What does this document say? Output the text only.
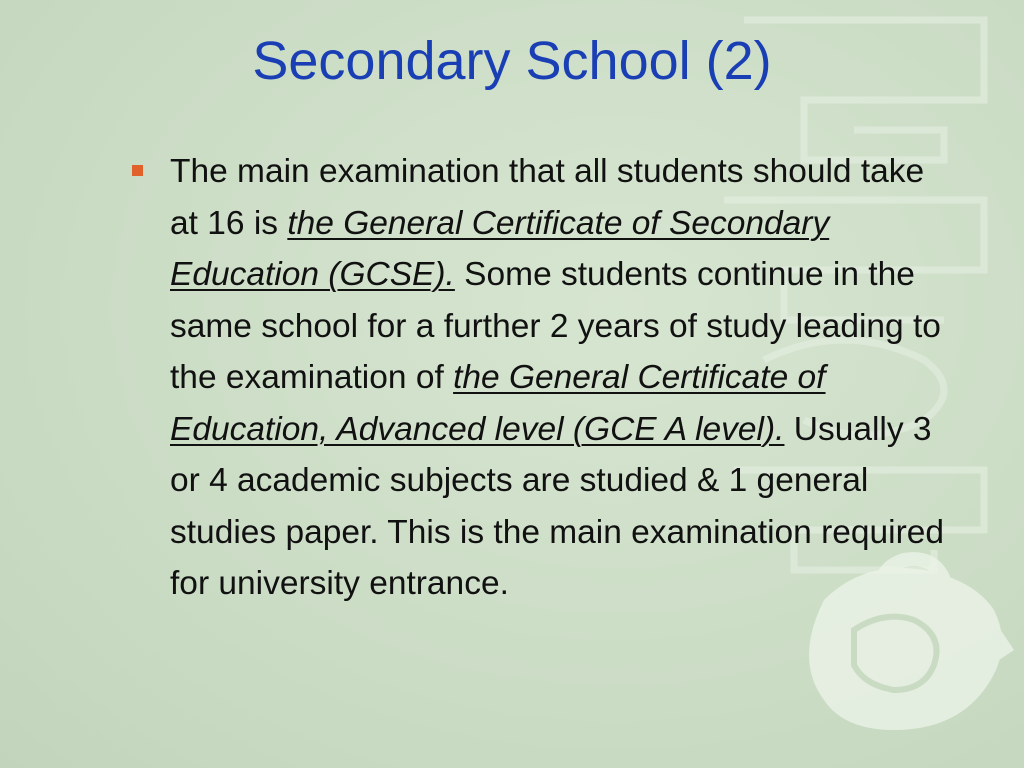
Secondary School (2)

The main examination that all students should take at 16 is the General Certificate of Secondary Education (GCSE). Some students continue in the same school for a further 2 years of study leading to the examination of the General Certificate of Education, Advanced level (GCE A level). Usually 3 or 4 academic subjects are studied & 1 general studies paper. This is the main examination required for university entrance.
